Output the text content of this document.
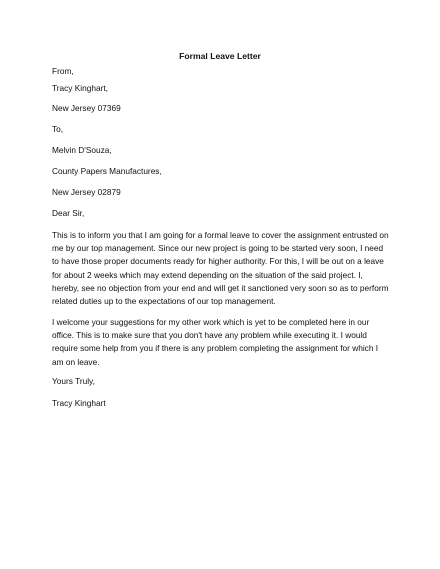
Formal Leave Letter
From,
Tracy Kinghart,
New Jersey 07369
To,
Melvin D'Souza,
County Papers Manufactures,
New Jersey 02879
Dear Sir,
This is to inform you that I am going for a formal leave to cover the assignment entrusted on
me by our top management. Since our new project is going to be started very soon, I need
to have those proper documents ready for higher authority. For this, I will be out on a leave
for about 2 weeks which may extend depending on the situation of the said project. I,
hereby, see no objection from your end and will get it sanctioned very soon so as to perform
related duties up to the expectations of our top management.
I welcome your suggestions for my other work which is yet to be completed here in our
office. This is to make sure that you don't have any problem while executing it. I would
require some help from you if there is any problem completing the assignment for which I
am on leave.
Yours Truly,
Tracy Kinghart
